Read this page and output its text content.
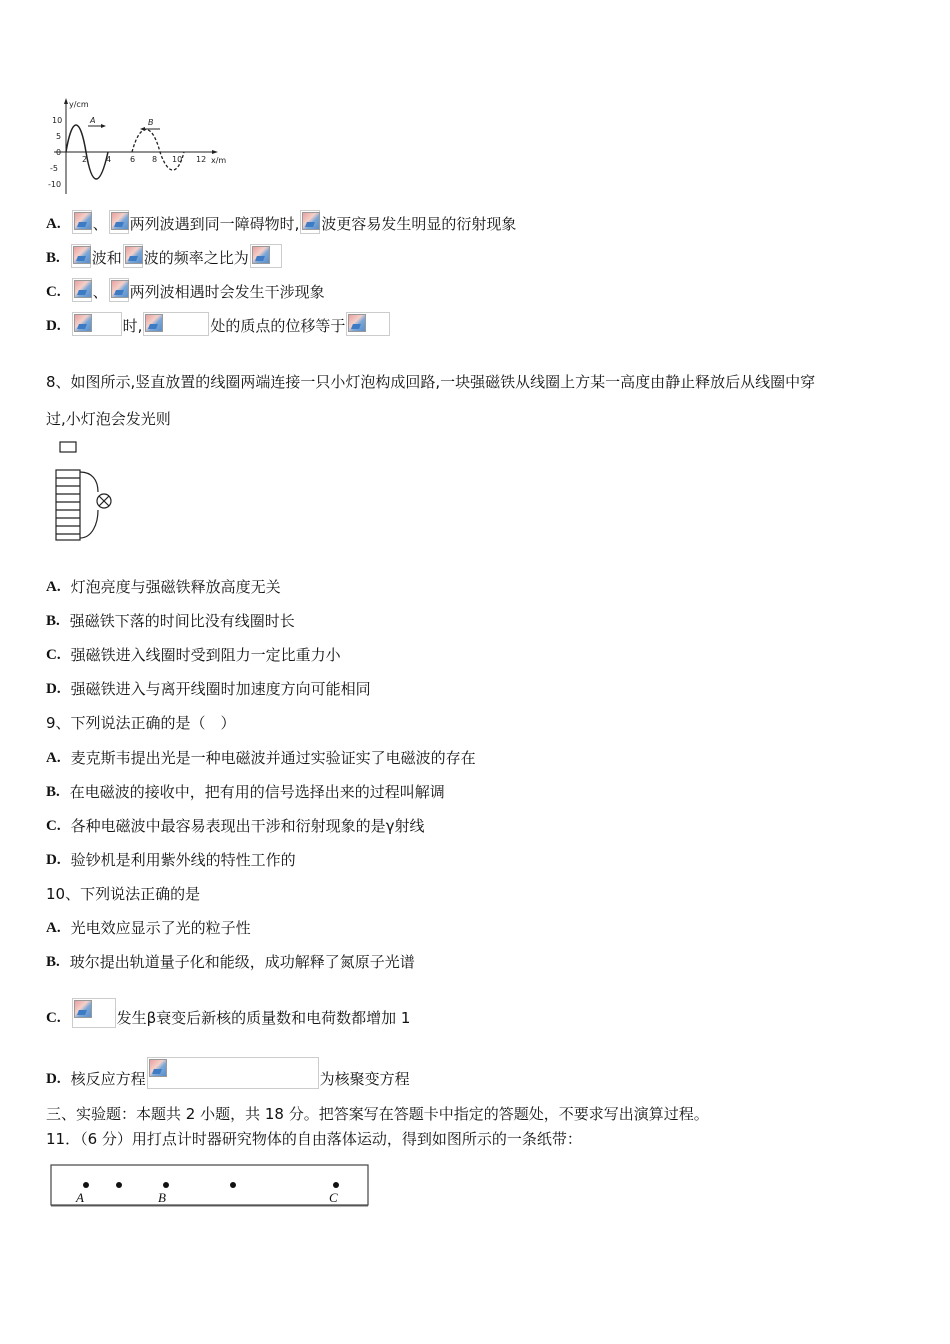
y/cm
x/m
10
5
0
-5
-10
2 4 6 8 10 12
A	B
A. 、 两列波遇到同一障碍物时, 波更容易发生明显的衍射现象
B. 波和 波的频率之比为
C. 、 两列波相遇时会发生干涉现象
D.	时,	处的质点的位移等于
8、如图所示,竖直放置的线圈两端连接一只小灯泡构成回路,一块强磁铁从线圈上方某一高度由静止释放后从线圈中穿
过,小灯泡会发光则
A. 灯泡亮度与强磁铁释放高度无关
B. 强磁铁下落的时间比没有线圈时长
C. 强磁铁进入线圈时受到阻力一定比重力小
D. 强磁铁进入与离开线圈时加速度方向可能相同
9、下列说法正确的是（　）
A. 麦克斯韦提出光是一种电磁波并通过实验证实了电磁波的存在
B. 在电磁波的接收中，把有用的信号选择出来的过程叫解调
C. 各种电磁波中最容易表现出干涉和衍射现象的是γ射线
D. 验钞机是利用紫外线的特性工作的
10、下列说法正确的是
A. 光电效应显示了光的粒子性
B. 玻尔提出轨道量子化和能级，成功解释了氮原子光谱
C.	发生β衰变后新核的质量数和电荷数都增加 1
D. 核反应方程	为核聚变方程
三、实验题：本题共 2 小题，共 18 分。把答案写在答题卡中指定的答题处，不要求写出演算过程。
11．（6 分）用打点计时器研究物体的自由落体运动，得到如图所示的一条纸带：
A	B	C
